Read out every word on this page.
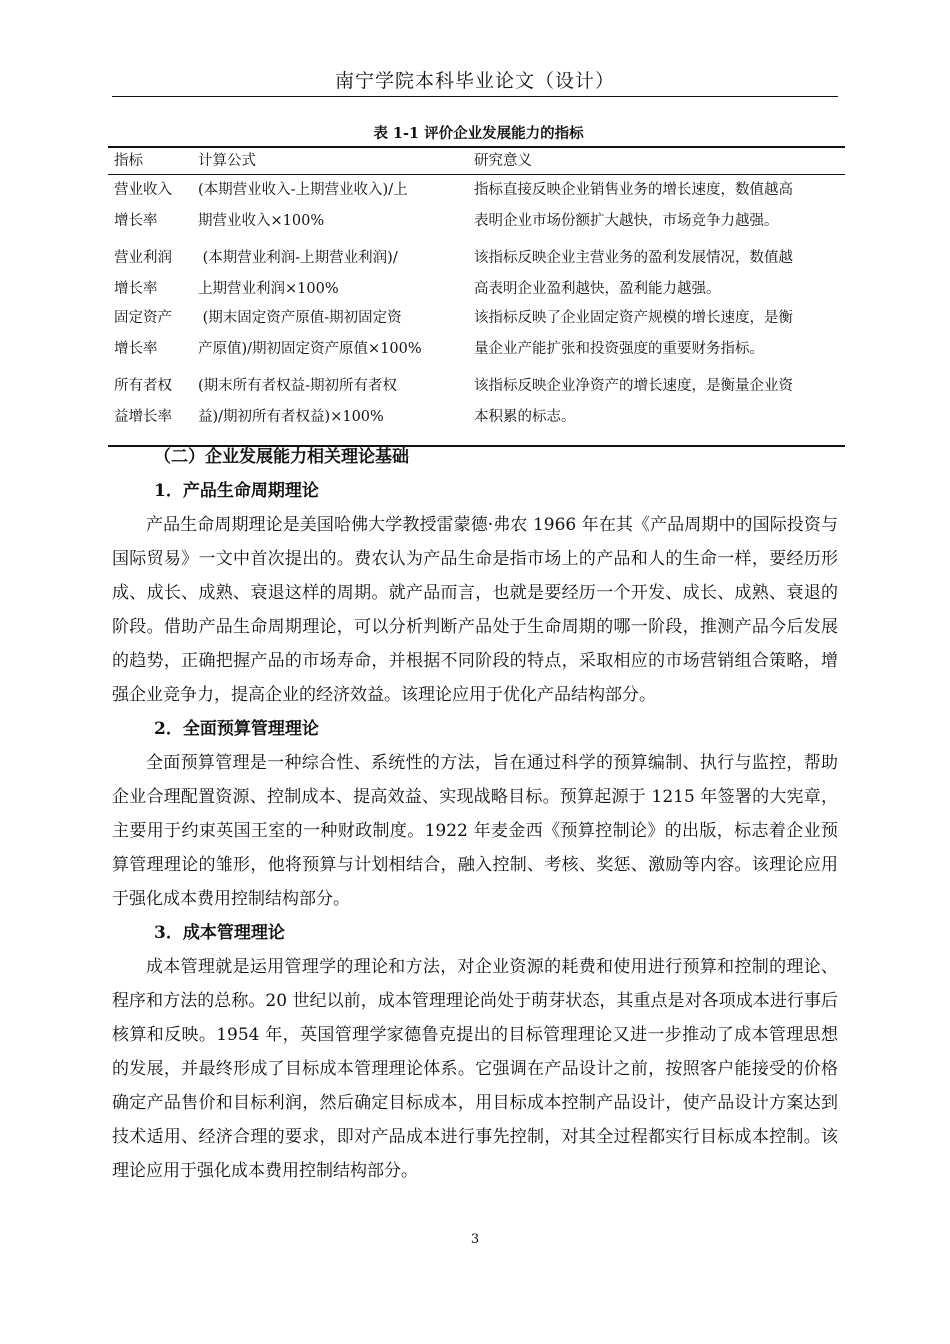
南宁学院本科毕业论文（设计）
表 1-1 评价企业发展能力的指标
指标	计算公式	研究意义
营业收入
增长率
(本期营业收入-上期营业收入)/上
期营业收入×100%
指标直接反映企业销售业务的增长速度，数值越高
表明企业市场份额扩大越快，市场竞争力越强。
营业利润
增长率
(本期营业利润-上期营业利润)/
上期营业利润×100%
该指标反映企业主营业务的盈利发展情况，数值越
高表明企业盈利越快，盈利能力越强。
固定资产
增长率
(期末固定资产原值-期初固定资
产原值)/期初固定资产原值×100%
该指标反映了企业固定资产规模的增长速度，是衡
量企业产能扩张和投资强度的重要财务指标。
所有者权
益增长率
(期末所有者权益-期初所有者权
益)/期初所有者权益)×100%
该指标反映企业净资产的增长速度，是衡量企业资
本积累的标志。
（二）企业发展能力相关理论基础
1．产品生命周期理论

产品生命周期理论是美国哈佛大学教授雷蒙德·弗农 1966 年在其《产品周期中的国际投资与国际贸易》一文中首次提出的。费农认为产品生命是指市场上的产品和人的生命一样，要经历形成、成长、成熟、衰退这样的周期。就产品而言，也就是要经历一个开发、成长、成熟、衰退的阶段。借助产品生命周期理论，可以分析判断产品处于生命周期的哪一阶段，推测产品今后发展的趋势，正确把握产品的市场寿命，并根据不同阶段的特点，采取相应的市场营销组合策略，增强企业竞争力，提高企业的经济效益。该理论应用于优化产品结构部分。

2．全面预算管理理论

全面预算管理是一种综合性、系统性的方法，旨在通过科学的预算编制、执行与监控，帮助企业合理配置资源、控制成本、提高效益、实现战略目标。预算起源于 1215 年签署的大宪章，主要用于约束英国王室的一种财政制度。1922 年麦金西《预算控制论》的出版，标志着企业预算管理理论的雏形，他将预算与计划相结合，融入控制、考核、奖惩、激励等内容。该理论应用于强化成本费用控制结构部分。

3．成本管理理论

成本管理就是运用管理学的理论和方法，对企业资源的耗费和使用进行预算和控制的理论、程序和方法的总称。20 世纪以前，成本管理理论尚处于萌芽状态，其重点是对各项成本进行事后核算和反映。1954 年，英国管理学家德鲁克提出的目标管理理论又进一步推动了成本管理思想的发展，并最终形成了目标成本管理理论体系。它强调在产品设计之前，按照客户能接受的价格确定产品售价和目标利润，然后确定目标成本，用目标成本控制产品设计，使产品设计方案达到技术适用、经济合理的要求，即对产品成本进行事先控制，对其全过程都实行目标成本控制。该理论应用于强化成本费用控制结构部分。

3
